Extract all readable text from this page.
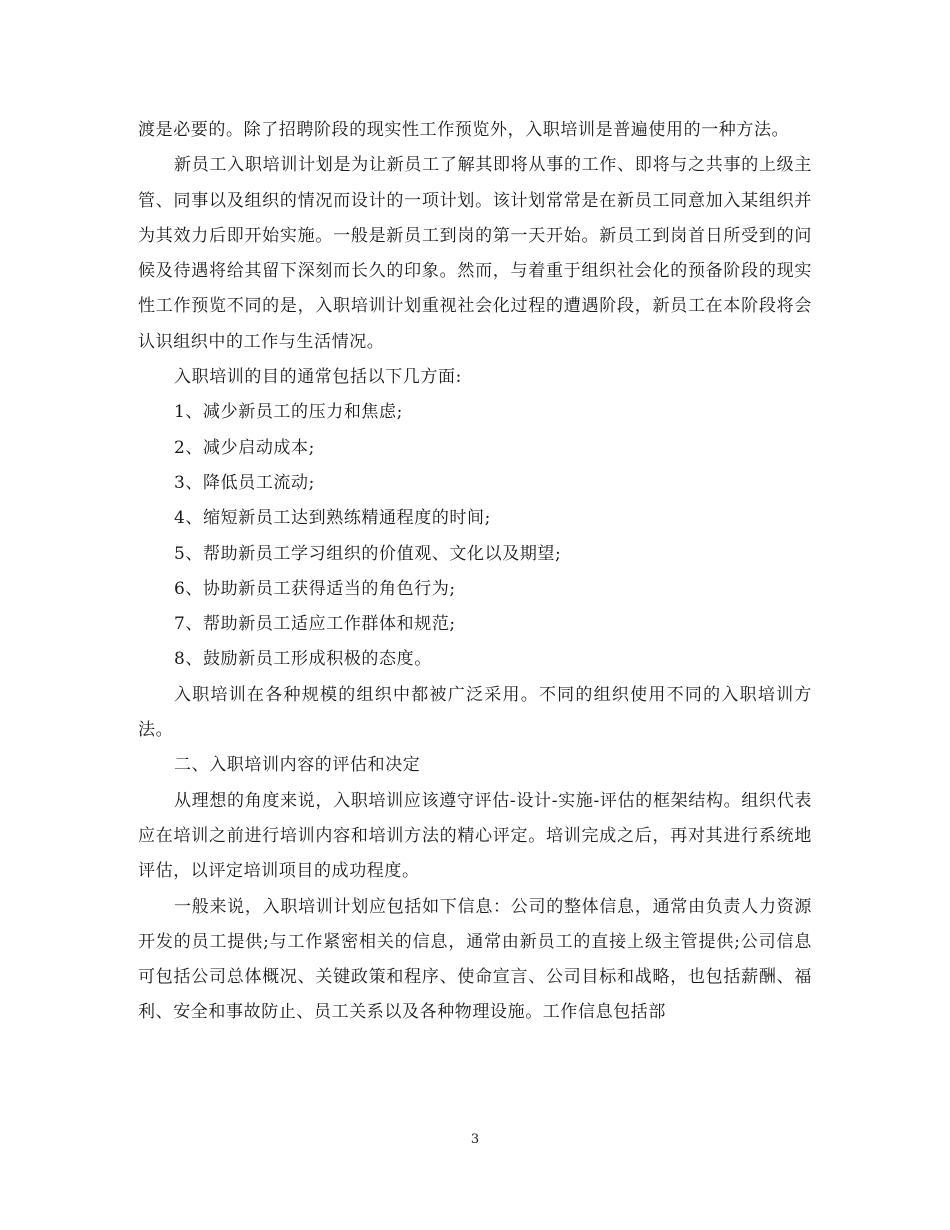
渡是必要的。除了招聘阶段的现实性工作预览外，入职培训是普遍使用的一种方法。

新员工入职培训计划是为让新员工了解其即将从事的工作、即将与之共事的上级主管、同事以及组织的情况而设计的一项计划。该计划常常是在新员工同意加入某组织并为其效力后即开始实施。一般是新员工到岗的第一天开始。新员工到岗首日所受到的问候及待遇将给其留下深刻而长久的印象。然而，与着重于组织社会化的预备阶段的现实性工作预览不同的是，入职培训计划重视社会化过程的遭遇阶段，新员工在本阶段将会认识组织中的工作与生活情况。

入职培训的目的通常包括以下几方面:

1、减少新员工的压力和焦虑;

2、减少启动成本;

3、降低员工流动;

4、缩短新员工达到熟练精通程度的时间;

5、帮助新员工学习组织的价值观、文化以及期望;

6、协助新员工获得适当的角色行为;

7、帮助新员工适应工作群体和规范;

8、鼓励新员工形成积极的态度。

入职培训在各种规模的组织中都被广泛采用。不同的组织使用不同的入职培训方法。

二、入职培训内容的评估和决定

从理想的角度来说，入职培训应该遵守评估-设计-实施-评估的框架结构。组织代表应在培训之前进行培训内容和培训方法的精心评定。培训完成之后，再对其进行系统地评估，以评定培训项目的成功程度。

一般来说，入职培训计划应包括如下信息：公司的整体信息，通常由负责人力资源开发的员工提供;与工作紧密相关的信息，通常由新员工的直接上级主管提供;公司信息可包括公司总体概况、关键政策和程序、使命宣言、公司目标和战略，也包括薪酬、福利、安全和事故防止、员工关系以及各种物理设施。工作信息包括部

3
